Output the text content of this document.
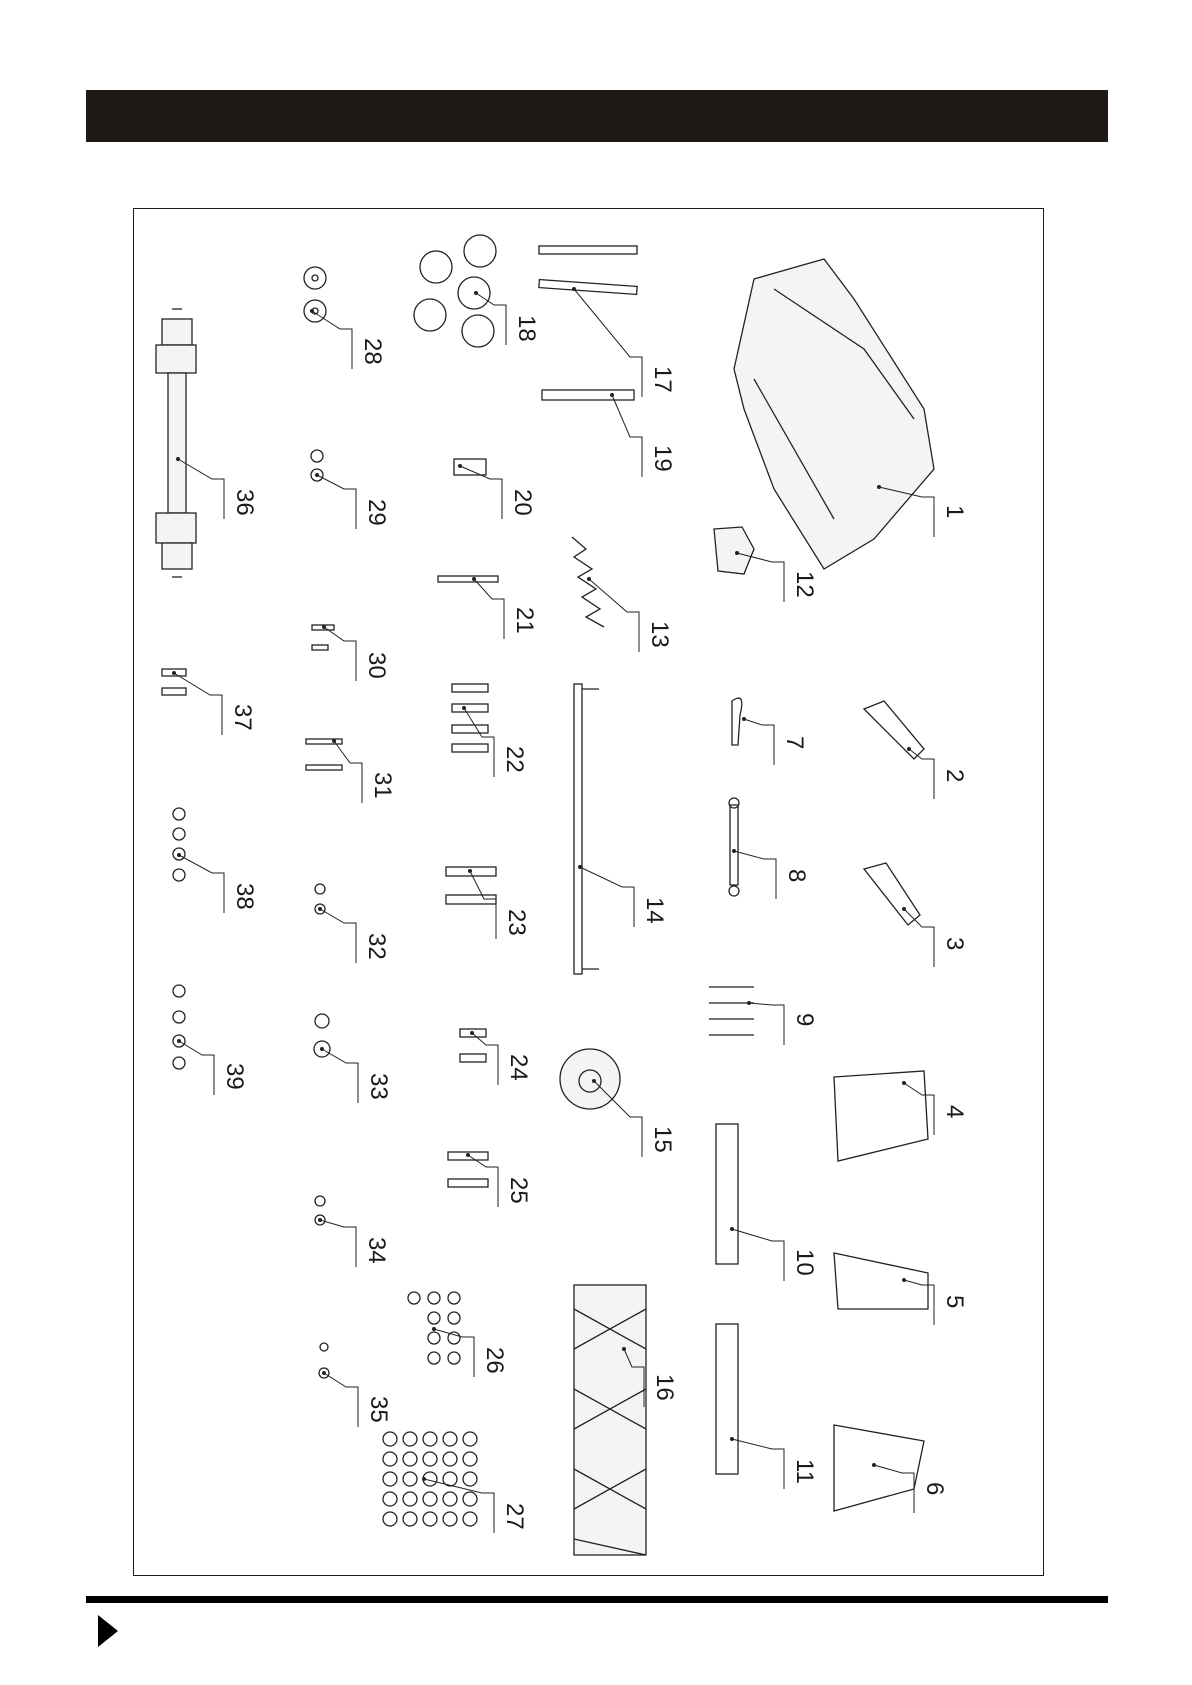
1
2
3
4
5
6
7
8
9
10
11
12
13
14
15
16
17
18
19
20
21
22
23
24
25
26
27
28
29
30
31
32
33
34
35
36
37
38
39
